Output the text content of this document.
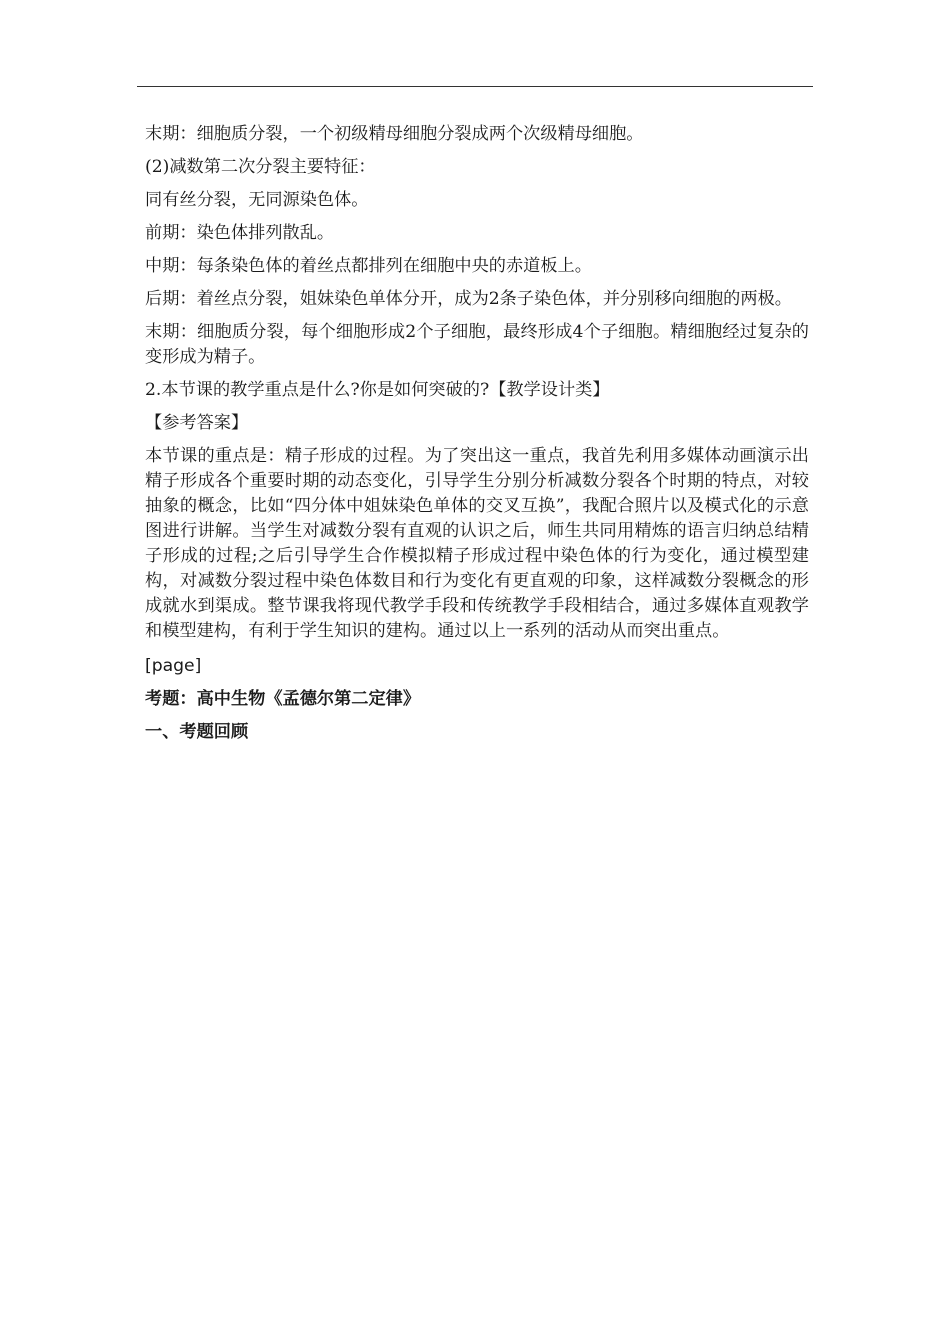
末期：细胞质分裂，一个初级精母细胞分裂成两个次级精母细胞。

(2)减数第二次分裂主要特征：

同有丝分裂，无同源染色体。

前期：染色体排列散乱。

中期：每条染色体的着丝点都排列在细胞中央的赤道板上。

后期：着丝点分裂，姐妹染色单体分开，成为2条子染色体，并分别移向细胞的两极。

末期：细胞质分裂，每个细胞形成2个子细胞，最终形成4个子细胞。精细胞经过复杂的变形成为精子。

2.本节课的教学重点是什么?你是如何突破的?【教学设计类】

【参考答案】

本节课的重点是：精子形成的过程。为了突出这一重点，我首先利用多媒体动画演示出精子形成各个重要时期的动态变化，引导学生分别分析减数分裂各个时期的特点，对较抽象的概念，比如“四分体中姐妹染色单体的交叉互换”，我配合照片以及模式化的示意图进行讲解。当学生对减数分裂有直观的认识之后，师生共同用精炼的语言归纳总结精子形成的过程;之后引导学生合作模拟精子形成过程中染色体的行为变化，通过模型建构，对减数分裂过程中染色体数目和行为变化有更直观的印象，这样减数分裂概念的形成就水到渠成。整节课我将现代教学手段和传统教学手段相结合，通过多媒体直观教学和模型建构，有利于学生知识的建构。通过以上一系列的活动从而突出重点。

[page]

考题：高中生物《孟德尔第二定律》

一、考题回顾
